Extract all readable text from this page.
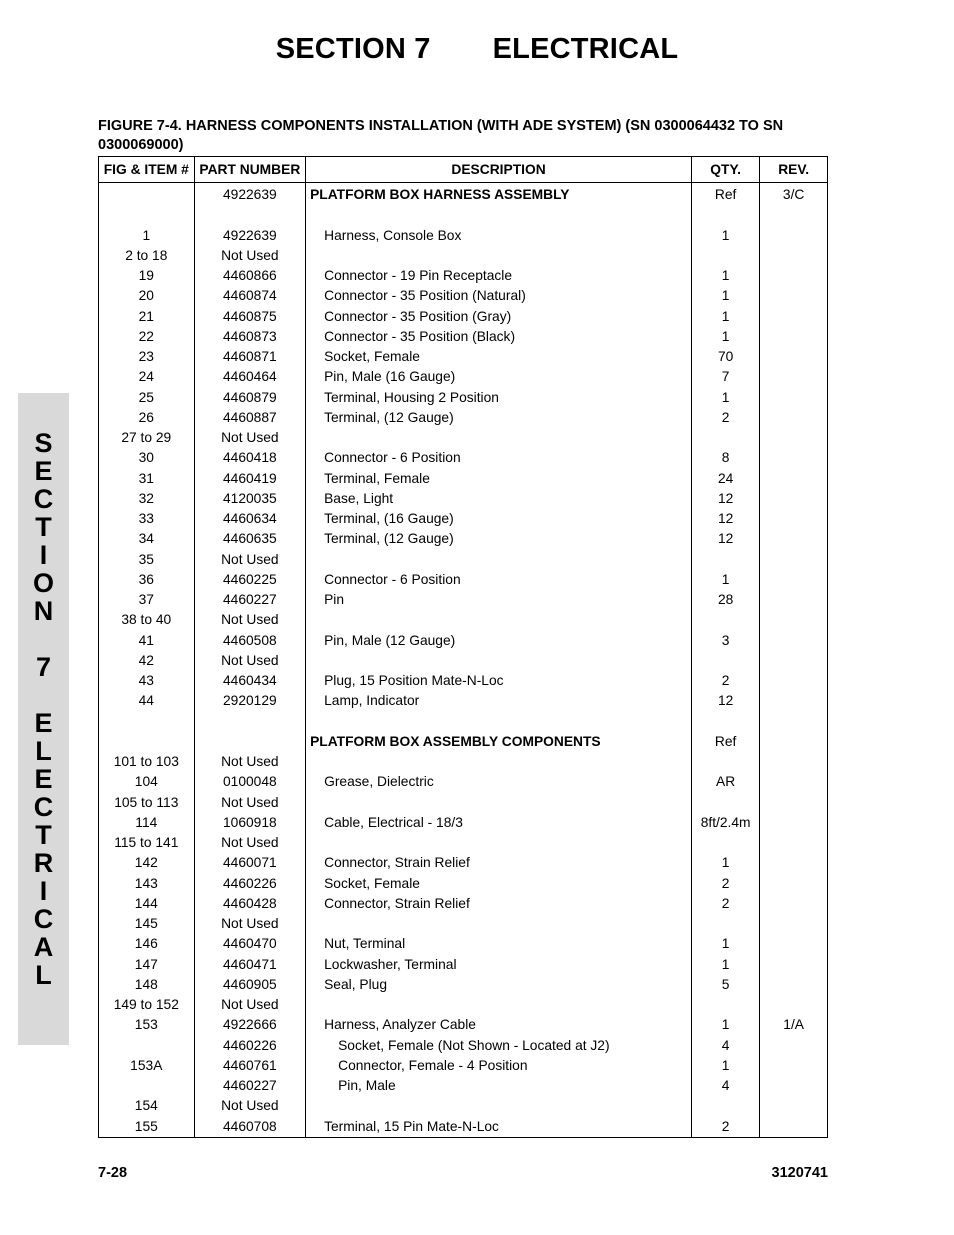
SECTION 7 ELECTRICAL
S
E
C
T
I
O
N
7
E
L
E
C
T
R
I
C
A
L
FIGURE 7-4. HARNESS COMPONENTS INSTALLATION (WITH ADE SYSTEM) (SN 0300064432 TO SN 0300069000)
FIG & ITEM #	PART NUMBER	DESCRIPTION	QTY.	REV.
	4922639	PLATFORM BOX HARNESS ASSEMBLY	Ref	3/C

1	4922639	Harness, Console Box	1	
2 to 18	Not Used			
19	4460866	Connector - 19 Pin Receptacle	1	
20	4460874	Connector - 35 Position (Natural)	1	
21	4460875	Connector - 35 Position (Gray)	1	
22	4460873	Connector - 35 Position (Black)	1	
23	4460871	Socket, Female	70	
24	4460464	Pin, Male (16 Gauge)	7	
25	4460879	Terminal, Housing 2 Position	1	
26	4460887	Terminal, (12 Gauge)	2	
27 to 29	Not Used			
30	4460418	Connector - 6 Position	8	
31	4460419	Terminal, Female	24	
32	4120035	Base, Light	12	
33	4460634	Terminal, (16 Gauge)	12	
34	4460635	Terminal, (12 Gauge)	12	
35	Not Used			
36	4460225	Connector - 6 Position	1	
37	4460227	Pin	28	
38 to 40	Not Used			
41	4460508	Pin, Male (12 Gauge)	3	
42	Not Used			
43	4460434	Plug, 15 Position Mate-N-Loc	2	
44	2920129	Lamp, Indicator	12	

		PLATFORM BOX ASSEMBLY COMPONENTS	Ref	
101 to 103	Not Used			
104	0100048	Grease, Dielectric	AR	
105 to 113	Not Used			
114	1060918	Cable, Electrical - 18/3	8ft/2.4m	
115 to 141	Not Used			
142	4460071	Connector, Strain Relief	1	
143	4460226	Socket, Female	2	
144	4460428	Connector, Strain Relief	2	
145	Not Used			
146	4460470	Nut, Terminal	1	
147	4460471	Lockwasher, Terminal	1	
148	4460905	Seal, Plug	5	
149 to 152	Not Used			
153	4922666	Harness, Analyzer Cable	1	1/A
	4460226	Socket, Female (Not Shown - Located at J2)	4	
153A	4460761	Connector, Female - 4 Position	1	
	4460227	Pin, Male	4	
154	Not Used			
155	4460708	Terminal, 15 Pin Mate-N-Loc	2	
7-28	3120741
